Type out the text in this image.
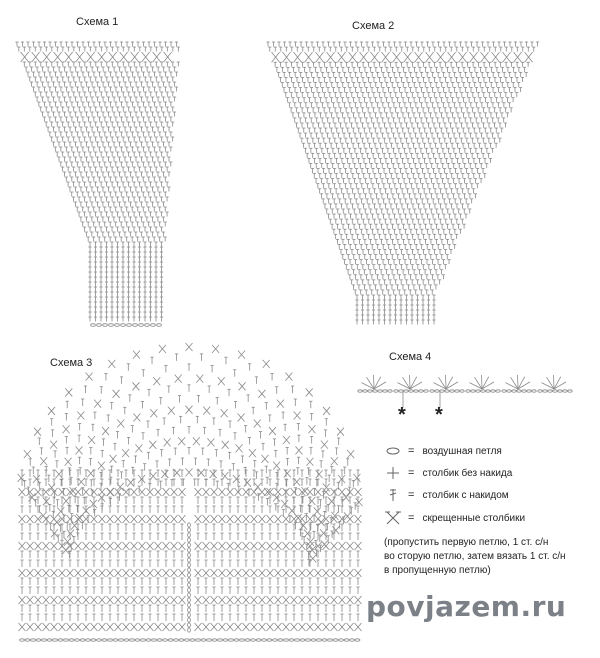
Схема 1	Схема 2
Схема 3	Схема 4
* *
= воздушная петля
= столбик без накида
= столбик с накидом
= скрещенные столбики
(пропустить первую петлю, 1 ст. с/н
во сторую петлю, затем вязать 1 ст. с/н
в пропущенную петлю)
povjazem.ru
